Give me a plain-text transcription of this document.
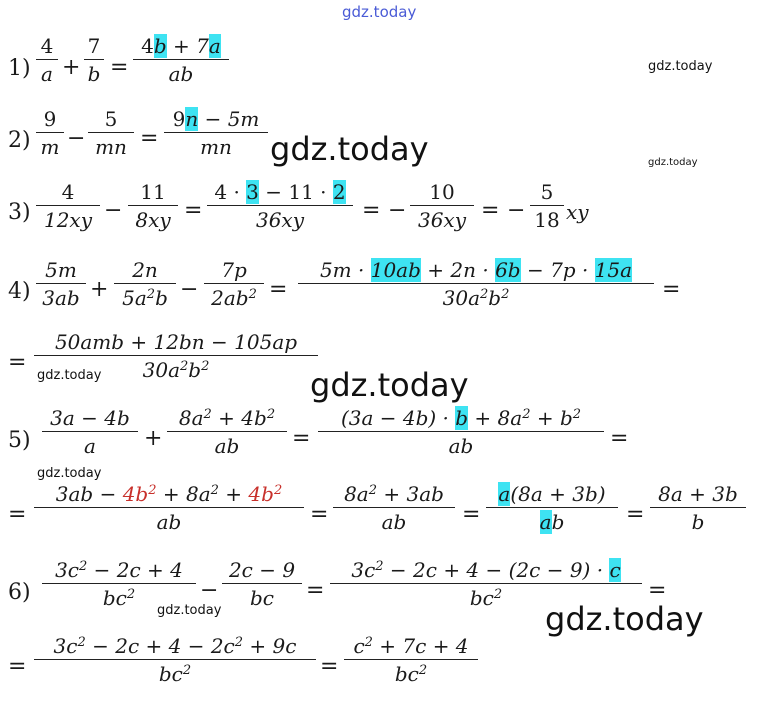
gdz.today
gdz.today
gdz.today	gdz.today
gdz.today	gdz.today
gdz.today
gdz.today	gdz.today
1)
4
a +
7
b =
4b + 7a
ab
2)
9
m −
5
mn =
9n − 5m
mn
3)
4
12xy −
11
8xy =
4 · 3 − 11 · 2
36xy	= −
10
36xy = −
5
18 xy
4)
5m
3ab +
2n
$5a^2b$ −
7p
$2ab^2$ =
5m · 10ab + 2n · 6b − 7p · 15a
$30a^2b^2$	=
=
50amb + 12bn − 105ap
$30a^2b^2$
5)
3a − 4b
a	+
$8a^2 + 4b^2$
ab	=
$(3a - 4b) \cdot b + 8a^2 + b^2$
ab	=
=
$3ab - 4b^2 + 8a^2 + 4b^2$
ab	=
$8a^2 + 3ab$
ab	=
a(8a + 3b)
ab	=
8a + 3b
b
6)
$3c^2 - 2c + 4$
$bc^2$	−
2c − 9
bc	=
$3c^2 - 2c + 4 - (2c - 9) \cdot c$
$bc^2$	=
=
$3c^2 - 2c + 4 - 2c^2 + 9c$
$bc^2$	=
$c^2 + 7c + 4$
$bc^2$
